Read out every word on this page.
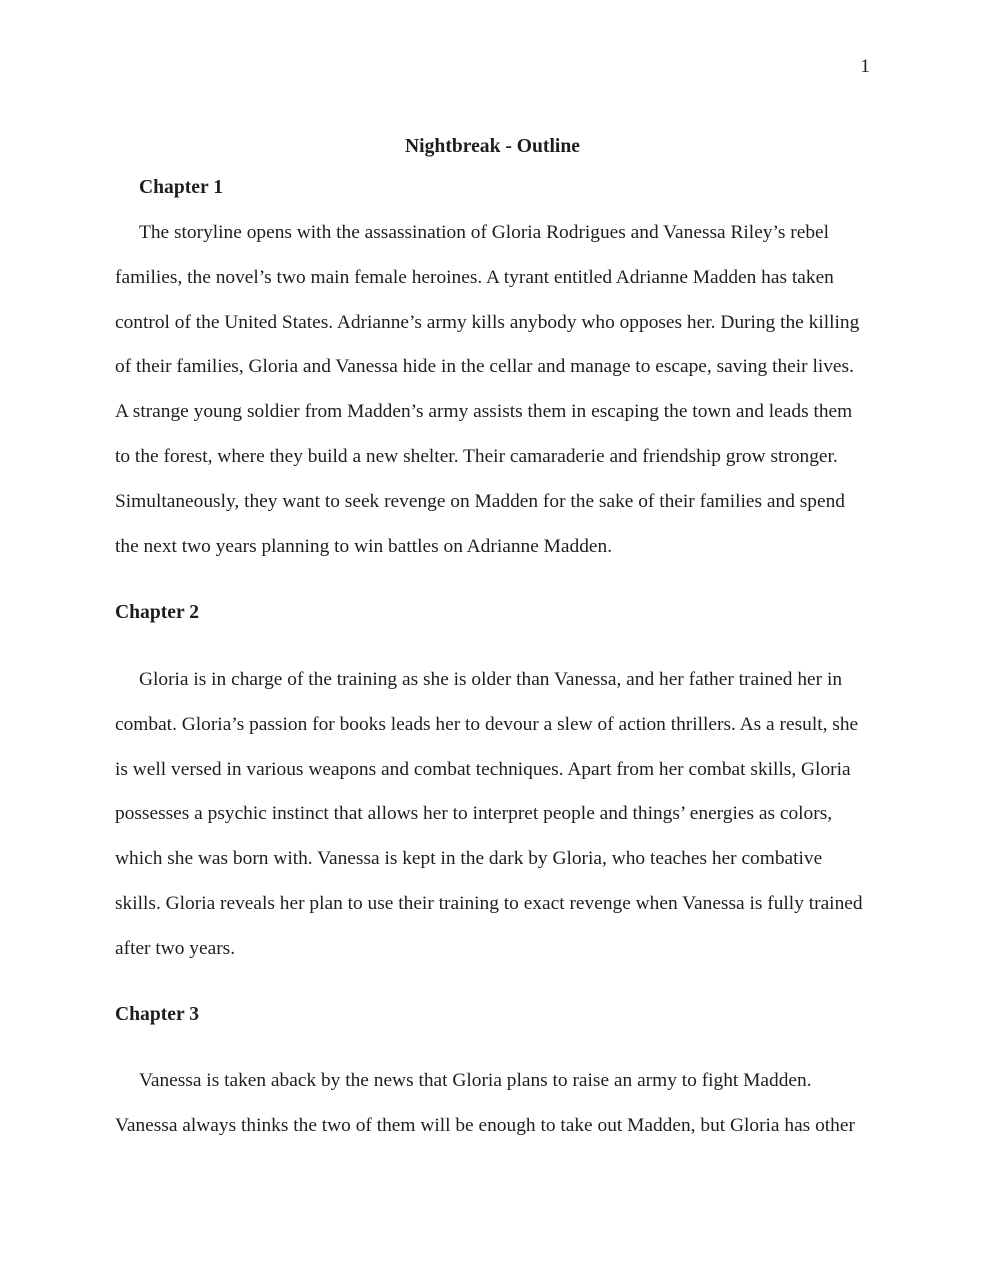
1
Nightbreak - Outline
Chapter 1
The storyline opens with the assassination of Gloria Rodrigues and Vanessa Riley’s rebel
families, the novel’s two main female heroines. A tyrant entitled Adrianne Madden has taken
control of the United States. Adrianne’s army kills anybody who opposes her. During the killing
of their families, Gloria and Vanessa hide in the cellar and manage to escape, saving their lives.
A strange young soldier from Madden’s army assists them in escaping the town and leads them
to the forest, where they build a new shelter. Their camaraderie and friendship grow stronger.
Simultaneously, they want to seek revenge on Madden for the sake of their families and spend
the next two years planning to win battles on Adrianne Madden.
Chapter 2
Gloria is in charge of the training as she is older than Vanessa, and her father trained her in
combat. Gloria’s passion for books leads her to devour a slew of action thrillers. As a result, she
is well versed in various weapons and combat techniques. Apart from her combat skills, Gloria
possesses a psychic instinct that allows her to interpret people and things’ energies as colors,
which she was born with. Vanessa is kept in the dark by Gloria, who teaches her combative
skills. Gloria reveals her plan to use their training to exact revenge when Vanessa is fully trained
after two years.
Chapter 3
Vanessa is taken aback by the news that Gloria plans to raise an army to fight Madden.
Vanessa always thinks the two of them will be enough to take out Madden, but Gloria has other
